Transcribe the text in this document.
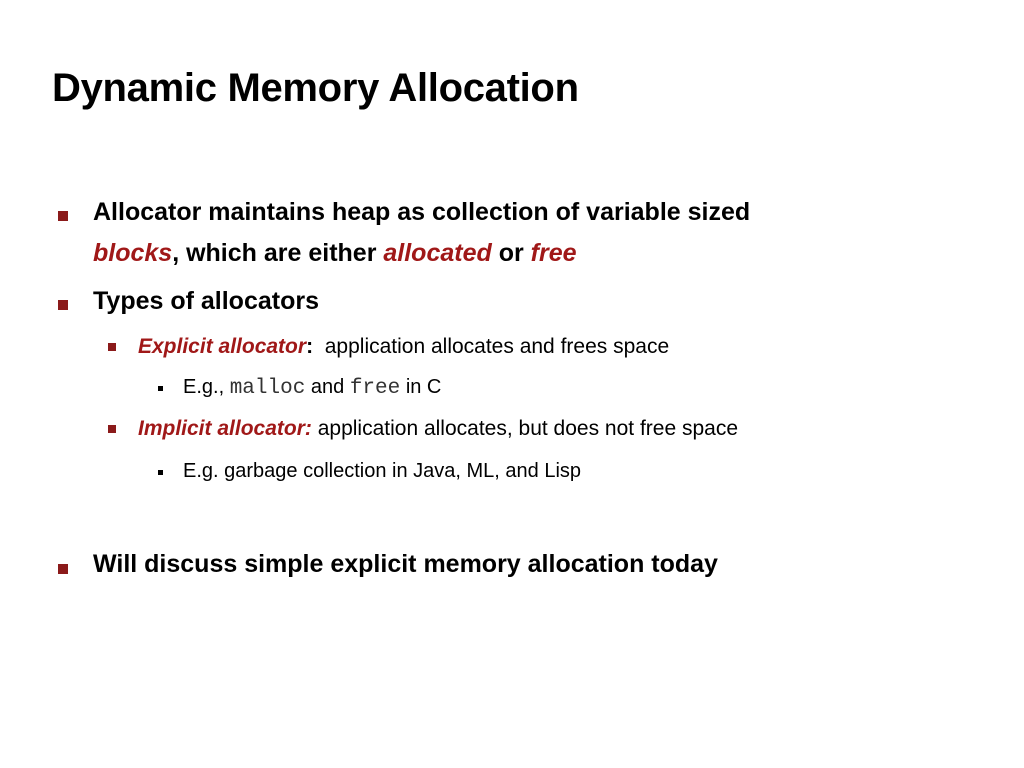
Dynamic Memory Allocation
Allocator maintains heap as collection of variable sized
blocks, which are either allocated or free
Types of allocators
Explicit allocator: application allocates and frees space
E.g., malloc and free in C
Implicit allocator: application allocates, but does not free space
E.g. garbage collection in Java, ML, and Lisp
Will discuss simple explicit memory allocation today
